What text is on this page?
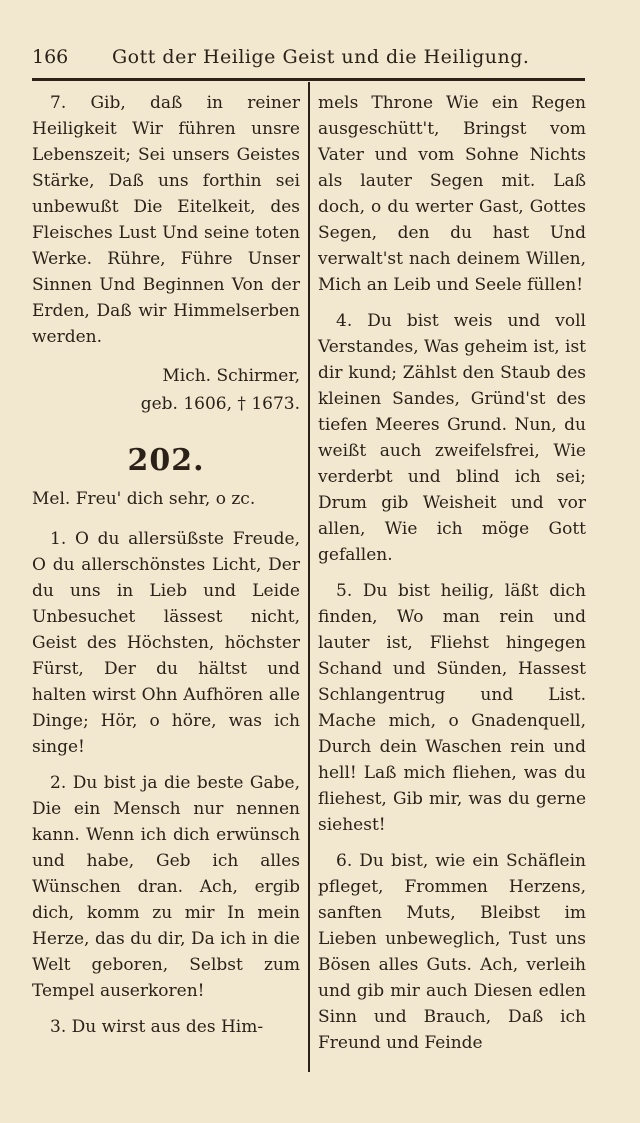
166 Gott der Heilige Geist und die Heiligung.

7. Gib, daß in reiner Heiligkeit Wir führen unsre Lebenszeit; Sei unsers Geistes Stärke, Daß uns forthin sei unbewußt Die Eitelkeit, des Fleisches Lust Und seine toten Werke. Rühre, Führe Unser Sinnen Und Beginnen Von der Erden, Daß wir Himmelserben werden.

Mich. Schirmer,
geb. 1606, † 1673.
202.

Mel. Freu' dich sehr, o zc.

1. O du allersüßste Freude, O du allerschönstes Licht, Der du uns in Lieb und Leide Unbesuchet lässest nicht, Geist des Höchsten, höchster Fürst, Der du hältst und halten wirst Ohn Aufhören alle Dinge; Hör, o höre, was ich singe!

2. Du bist ja die beste Gabe, Die ein Mensch nur nennen kann. Wenn ich dich erwünsch und habe, Geb ich alles Wünschen dran. Ach, ergib dich, komm zu mir In mein Herze, das du dir, Da ich in die Welt geboren, Selbst zum Tempel auserkoren!

3. Du wirst aus des Him-

mels Throne Wie ein Regen ausgeschütt't, Bringst vom Vater und vom Sohne Nichts als lauter Segen mit. Laß doch, o du werter Gast, Gottes Segen, den du hast Und verwalt'st nach deinem Willen, Mich an Leib und Seele füllen!

4. Du bist weis und voll Verstandes, Was geheim ist, ist dir kund; Zählst den Staub des kleinen Sandes, Gründ'st des tiefen Meeres Grund. Nun, du weißt auch zweifelsfrei, Wie verderbt und blind ich sei; Drum gib Weisheit und vor allen, Wie ich möge Gott gefallen.

5. Du bist heilig, läßt dich finden, Wo man rein und lauter ist, Fliehst hingegen Schand und Sünden, Hassest Schlangentrug und List. Mache mich, o Gnadenquell, Durch dein Waschen rein und hell! Laß mich fliehen, was du fliehest, Gib mir, was du gerne siehest!

6. Du bist, wie ein Schäflein pfleget, Frommen Herzens, sanften Muts, Bleibst im Lieben unbeweglich, Tust uns Bösen alles Guts. Ach, verleih und gib mir auch Diesen edlen Sinn und Brauch, Daß ich Freund und Feinde
